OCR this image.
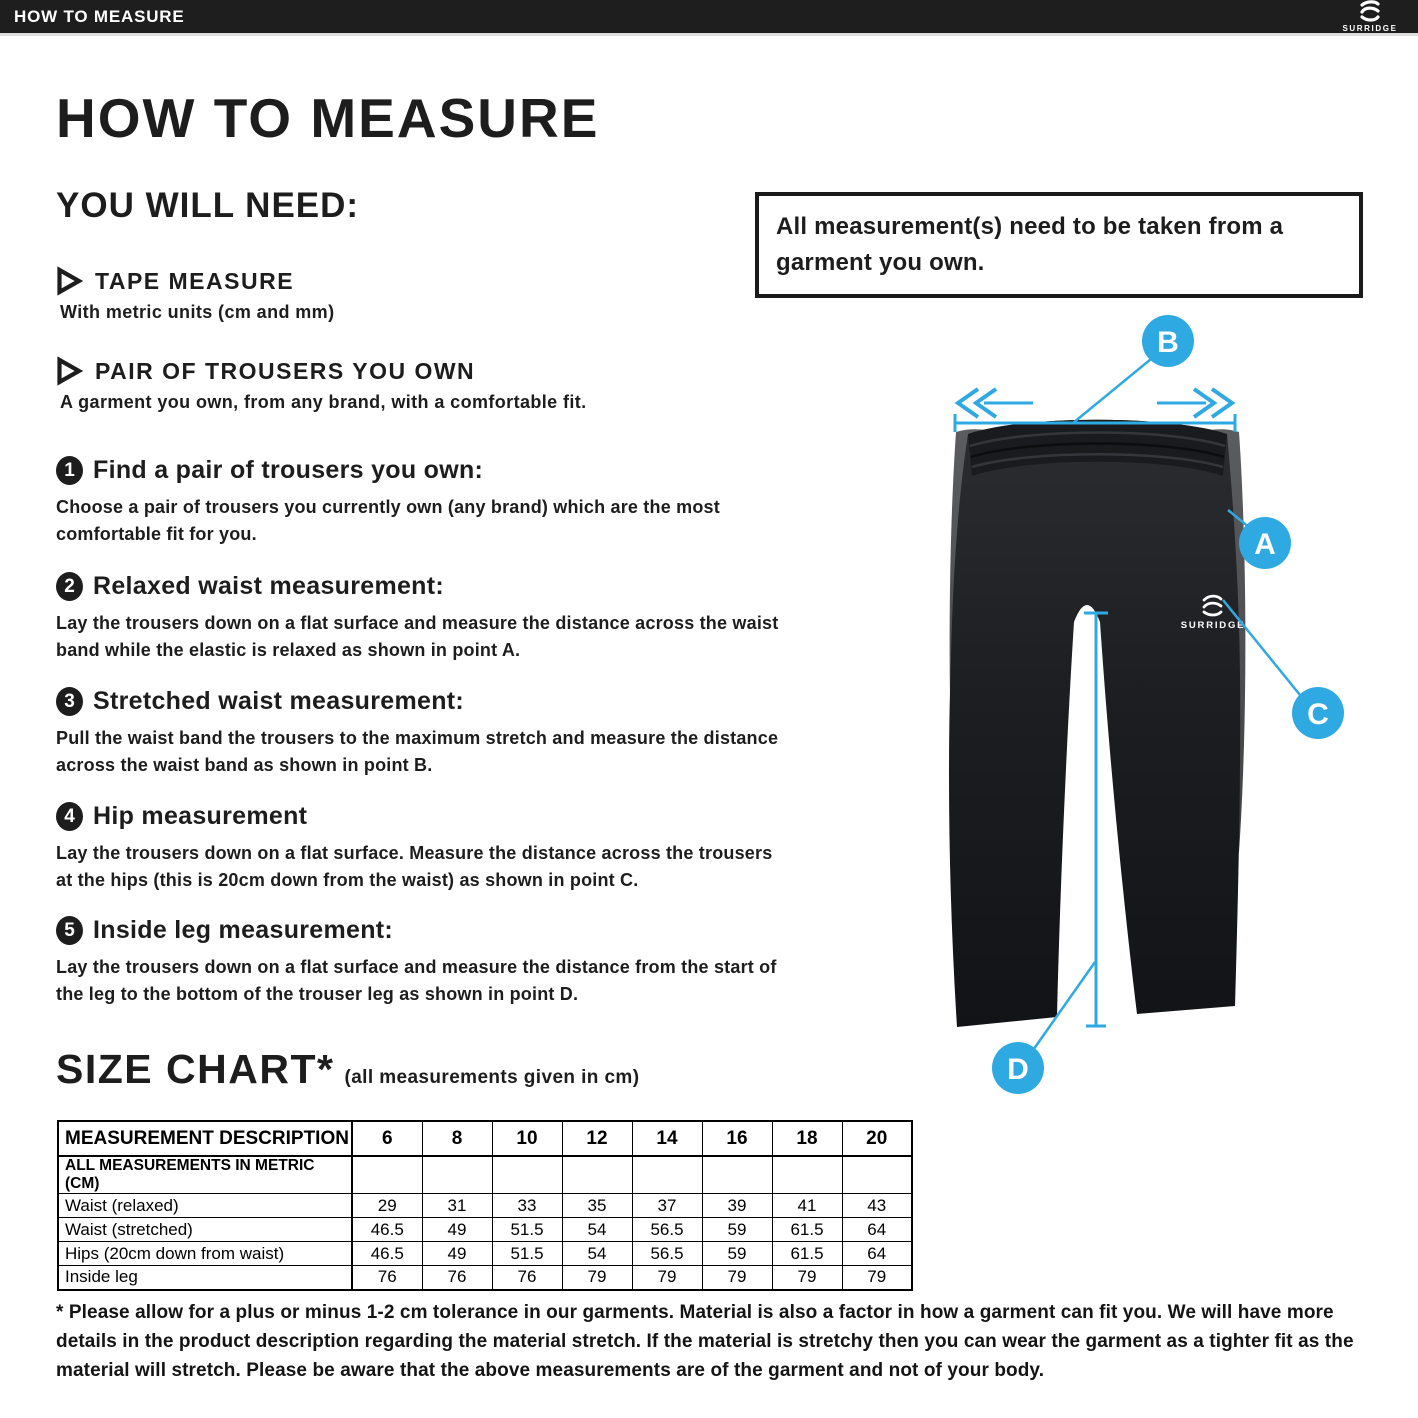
HOW TO MEASURE
SURRIDGE
HOW TO MEASURE
YOU WILL NEED:
TAPE MEASURE

With metric units (cm and mm)

PAIR OF TROUSERS YOU OWN

A garment you own, from any brand, with a comfortable fit.

1 Find a pair of trousers you own:

Choose a pair of trousers you currently own (any brand) which are the most comfortable fit for you.

2 Relaxed waist measurement:

Lay the trousers down on a flat surface and measure the distance across the waist band while the elastic is relaxed as shown in point A.

3 Stretched waist measurement:

Pull the waist band the trousers to the maximum stretch and measure the distance across the waist band as shown in point B.

4 Hip measurement

Lay the trousers down on a flat surface. Measure the distance across the trousers at the hips (this is 20cm down from the waist) as shown in point C.

5 Inside leg measurement:

Lay the trousers down on a flat surface and measure the distance from the start of the leg to the bottom of the trouser leg as shown in point D.

All measurement(s) need to be taken from a garment you own.

SURRIDGE
B
A
C
D
SIZE CHART* (all measurements given in cm)
MEASUREMENT DESCRIPTION	6	8	10	12	14	16	18	20
ALL MEASUREMENTS IN METRIC (CM)								
Waist (relaxed)	29	31	33	35	37	39	41	43
Waist (stretched)	46.5	49	51.5	54	56.5	59	61.5	64
Hips (20cm down from waist)	46.5	49	51.5	54	56.5	59	61.5	64
Inside leg	76	76	76	79	79	79	79	79

* Please allow for a plus or minus 1-2 cm tolerance in our garments. Material is also a factor in how a garment can fit you. We will have more details in the product description regarding the material stretch. If the material is stretchy then you can wear the garment as a tighter fit as the material will stretch. Please be aware that the above measurements are of the garment and not of your body.
